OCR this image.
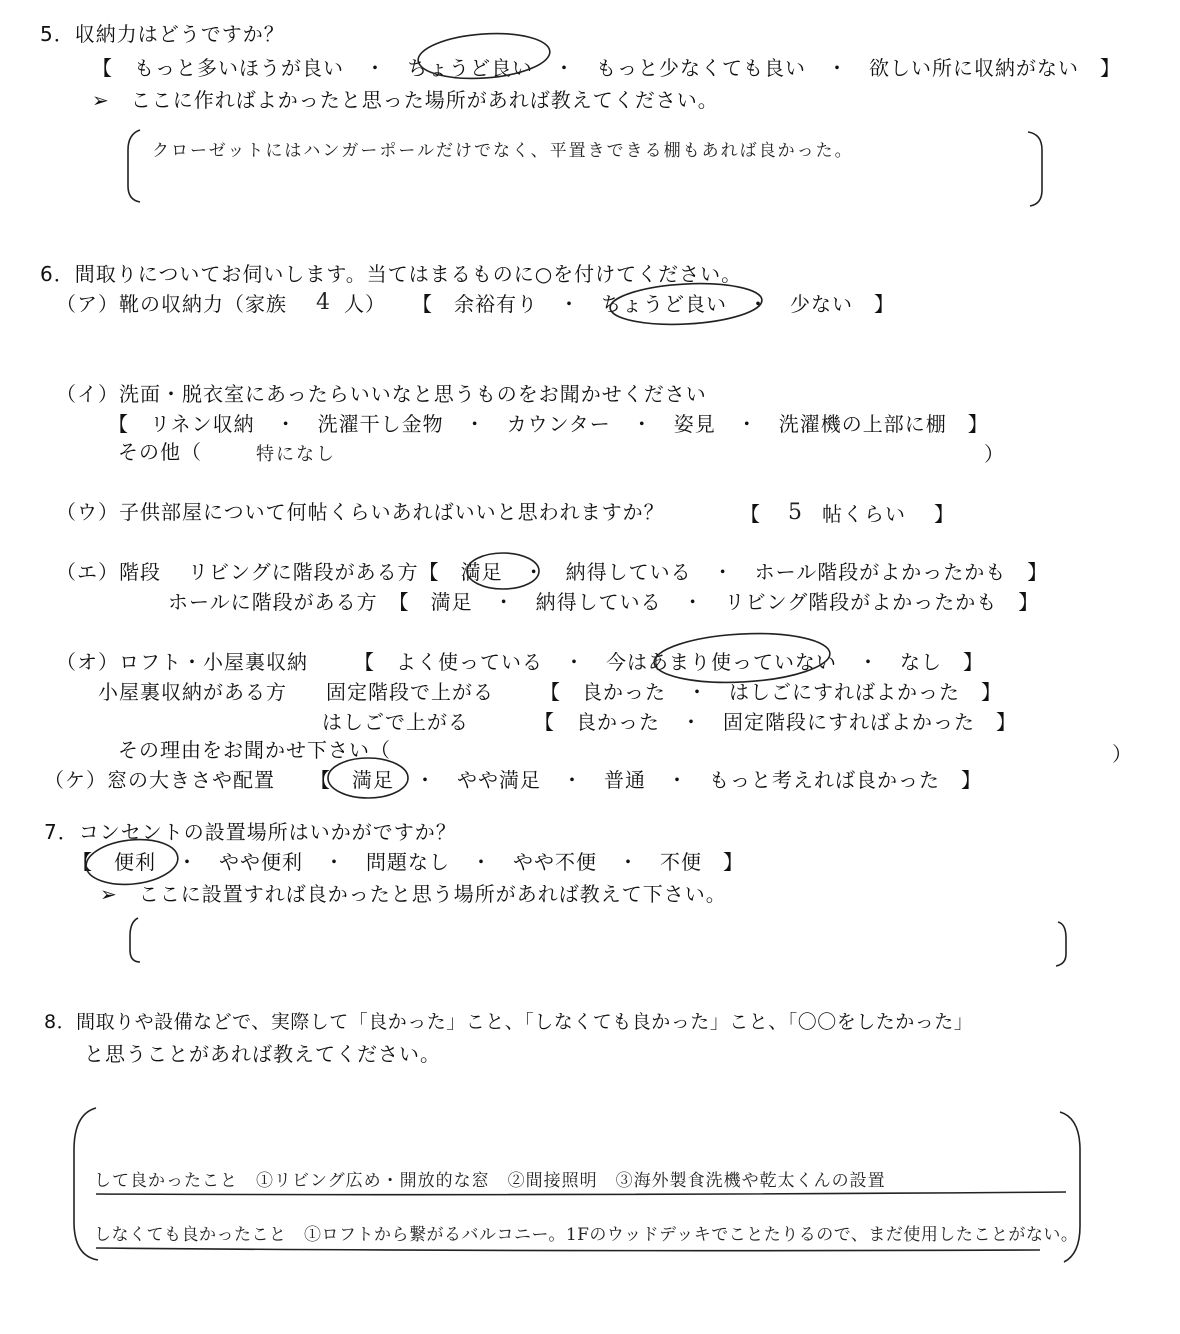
5．収納力はどうですか？
【　もっと多いほうが良い　・　ちょうど良い　・　もっと少なくても良い　・　欲しい所に収納がない　】
➢　ここに作ればよかったと思った場所があれば教えてください。
クローゼットにはハンガーポールだけでなく、平置きできる棚もあれば良かった。
6．間取りについてお伺いします。当てはまるものに○を付けてください。
（ア）靴の収納力（家族 4 人） 【　余裕有り　・　ちょうど良い　・　少ない　】
（イ）洗面・脱衣室にあったらいいなと思うものをお聞かせください
【　リネン収納　・　洗濯干し金物　・　カウンター　・　姿見　・　洗濯機の上部に棚　】
その他（	特になし	）
（ウ）子供部屋について何帖くらいあればいいと思われますか？	【 5 帖くらい 】
（エ）階段 リビングに階段がある方【　満足　・　納得している　・　ホール階段がよかったかも　】
ホールに階段がある方　【　満足　・　納得している　・　リビング階段がよかったかも　】
（オ）ロフト・小屋裏収納 【　よく使っている　・　今はあまり使っていない　・　なし　】
小屋裏収納がある方 固定階段で上がる 【　良かった　・　はしごにすればよかった　】
はしごで上がる	【　良かった　・　固定階段にすればよかった　】
その理由をお聞かせ下さい（	）
（ケ）窓の大きさや配置 【　満足　・　やや満足　・　普通　・　もっと考えれば良かった　】
7．コンセントの設置場所はいかがですか？
【　便利　・　やや便利　・　問題なし　・　やや不便　・　不便　】
➢　ここに設置すれば良かったと思う場所があれば教えて下さい。
8．間取りや設備などで、実際して「良かった」こと、「しなくても良かった」こと、「〇〇をしたかった」
と思うことがあれば教えてください。
して良かったこと　①リビング広め・開放的な窓　②間接照明　③海外製食洗機や乾太くんの設置
しなくても良かったこと　①ロフトから繋がるバルコニー。1Fのウッドデッキでことたりるので、まだ使用したことがない。
